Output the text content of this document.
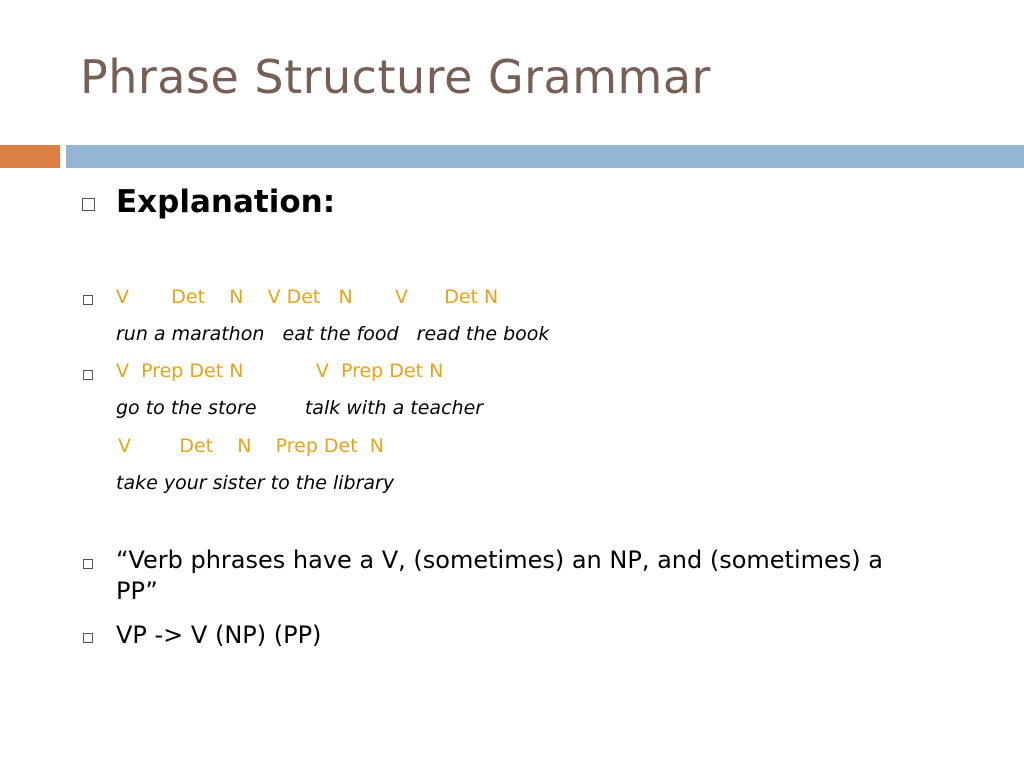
Phrase Structure Grammar
Explanation:
V       Det    N    V Det   N       V      Det N
run a marathon   eat the food   read the book
V  Prep Det N            V  Prep Det N
go to the store        talk with a teacher
V        Det    N    Prep Det  N
take your sister to the library
“Verb phrases have a V, (sometimes) an NP, and (sometimes) a
PP”
VP -> V (NP) (PP)
